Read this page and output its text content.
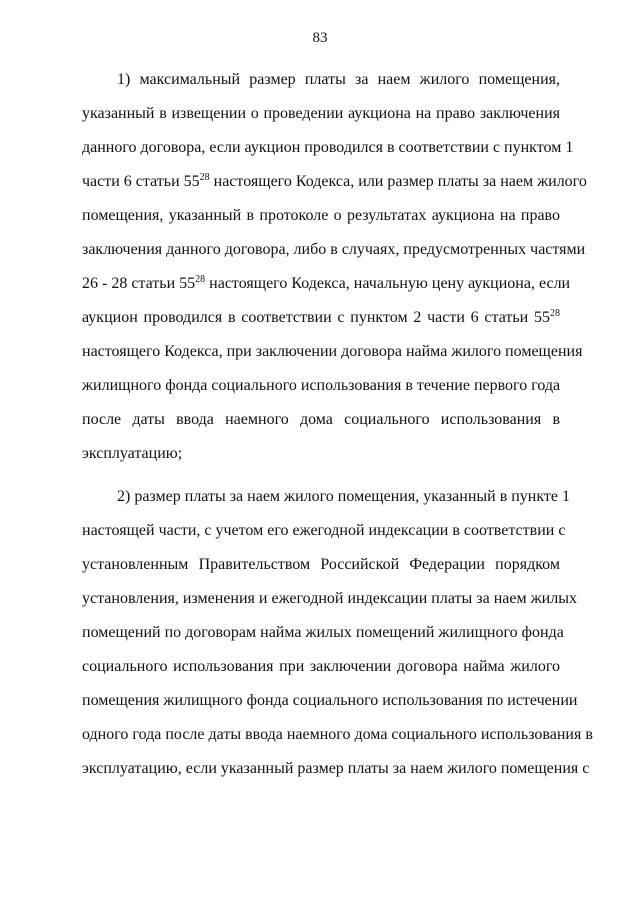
83
1) максимальный размер платы за наем жилого помещения,
указанный в извещении о проведении аукциона на право заключения
данного договора, если аукцион проводился в соответствии с пунктом 1
части 6 статьи $55^{28}$ настоящего Кодекса, или размер платы за наем жилого
помещения, указанный в протоколе о результатах аукциона на право
заключения данного договора, либо в случаях, предусмотренных частями
26 - 28 статьи $55^{28}$ настоящего Кодекса, начальную цену аукциона, если
аукцион проводился в соответствии с пунктом 2 части 6 статьи $55^{28}$
настоящего Кодекса, при заключении договора найма жилого помещения
жилищного фонда социального использования в течение первого года
после даты ввода наемного дома социального использования в
эксплуатацию;
2) размер платы за наем жилого помещения, указанный в пункте 1
настоящей части, с учетом его ежегодной индексации в соответствии с
установленным Правительством Российской Федерации порядком
установления, изменения и ежегодной индексации платы за наем жилых
помещений по договорам найма жилых помещений жилищного фонда
социального использования при заключении договора найма жилого
помещения жилищного фонда социального использования по истечении
одного года после даты ввода наемного дома социального использования в
эксплуатацию, если указанный размер платы за наем жилого помещения с
